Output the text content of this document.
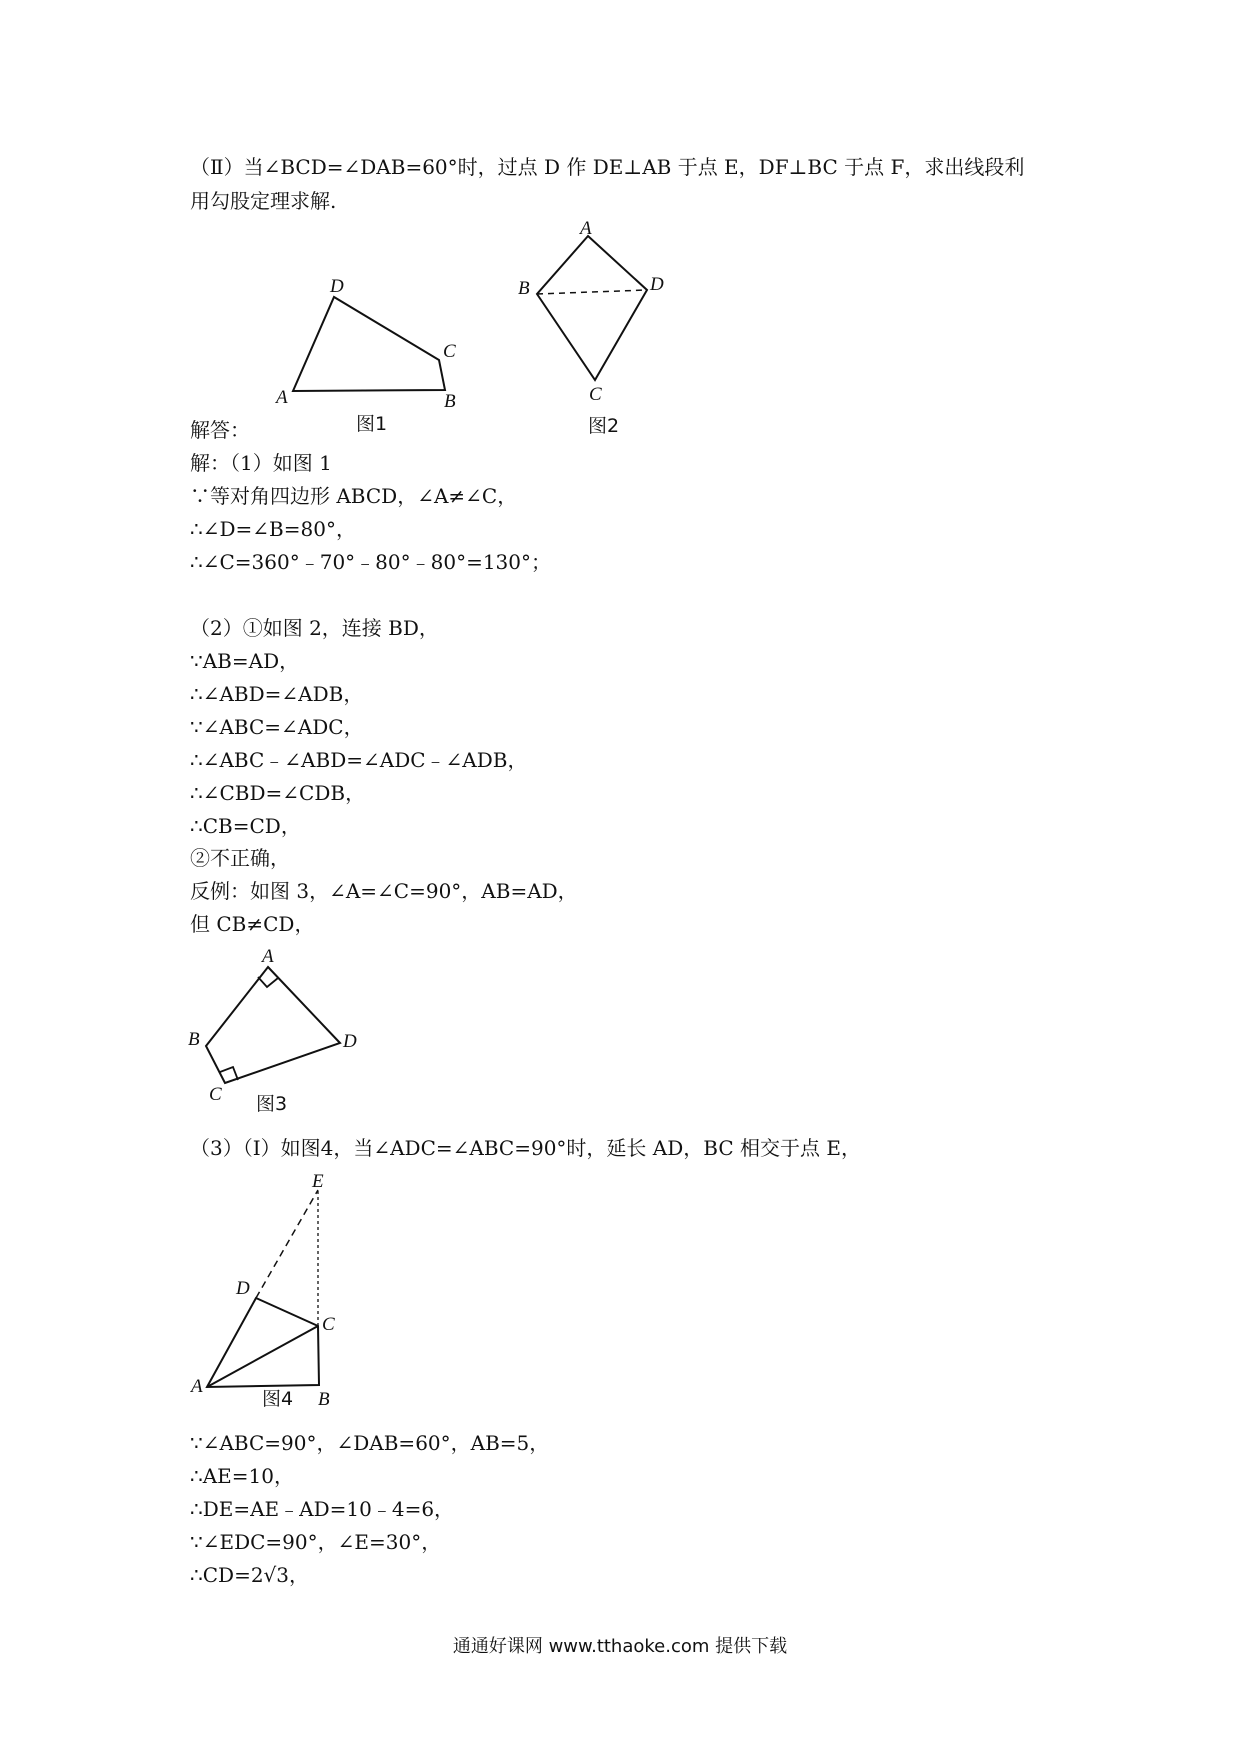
（Ⅱ）当∠BCD=∠DAB=60°时，过点 D 作 DE⊥AB 于点 E，DF⊥BC 于点 F，求出线段利
用勾股定理求解.
解答：
解：（1）如图 1
∵等对角四边形 ABCD，∠A≠∠C，
∴∠D=∠B=80°，
∴∠C=360°﹣70°﹣80°﹣80°=130°；
（2）①如图 2，连接 BD，
∵AB=AD，
∴∠ABD=∠ADB，
∵∠ABC=∠ADC，
∴∠ABC﹣∠ABD=∠ADC﹣∠ADB，
∴∠CBD=∠CDB，
∴CB=CD，
②不正确，
反例：如图 3，∠A=∠C=90°，AB=AD，
但 CB≠CD，
（3）（Ⅰ）如图4，当∠ADC=∠ABC=90°时，延长 AD，BC 相交于点 E，
∵∠ABC=90°，∠DAB=60°，AB=5，
∴AE=10，
∴DE=AE﹣AD=10﹣4=6，
∵∠EDC=90°，∠E=30°，
∴CD=2√3，
D
C
A	B
图1
A
B	D
C
图2
A
B	D
C 图3
E
D
C
A
B
图4
通通好课网 www.tthaoke.com 提供下载
